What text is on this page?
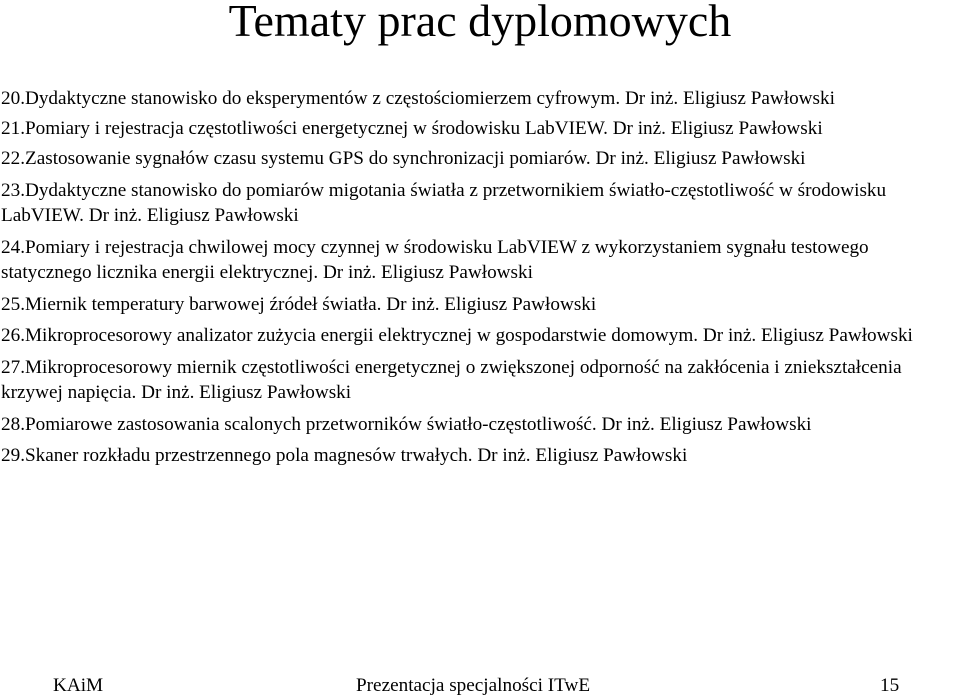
Tematy prac dyplomowych
20.Dydaktyczne stanowisko do eksperymentów z częstościomierzem cyfrowym. Dr inż. Eligiusz Pawłowski
21.Pomiary i rejestracja częstotliwości energetycznej w środowisku LabVIEW. Dr inż. Eligiusz Pawłowski
22.Zastosowanie sygnałów czasu systemu GPS do synchronizacji pomiarów. Dr inż. Eligiusz Pawłowski
23.Dydaktyczne stanowisko do pomiarów migotania światła z przetwornikiem światło-częstotliwość w środowisku LabVIEW. Dr inż. Eligiusz Pawłowski
24.Pomiary i rejestracja chwilowej mocy czynnej w środowisku LabVIEW z wykorzystaniem sygnału testowego statycznego licznika energii elektrycznej. Dr inż. Eligiusz Pawłowski
25.Miernik temperatury barwowej źródeł światła. Dr inż. Eligiusz Pawłowski
26.Mikroprocesorowy analizator zużycia energii elektrycznej w gospodarstwie domowym. Dr inż. Eligiusz Pawłowski
27.Mikroprocesorowy miernik częstotliwości energetycznej o zwiększonej odporność na zakłócenia i zniekształcenia krzywej napięcia. Dr inż. Eligiusz Pawłowski
28.Pomiarowe zastosowania scalonych przetworników światło-częstotliwość. Dr inż. Eligiusz Pawłowski
29.Skaner rozkładu przestrzennego pola magnesów trwałych. Dr inż. Eligiusz Pawłowski
KAiM	Prezentacja specjalności ITwE	15
